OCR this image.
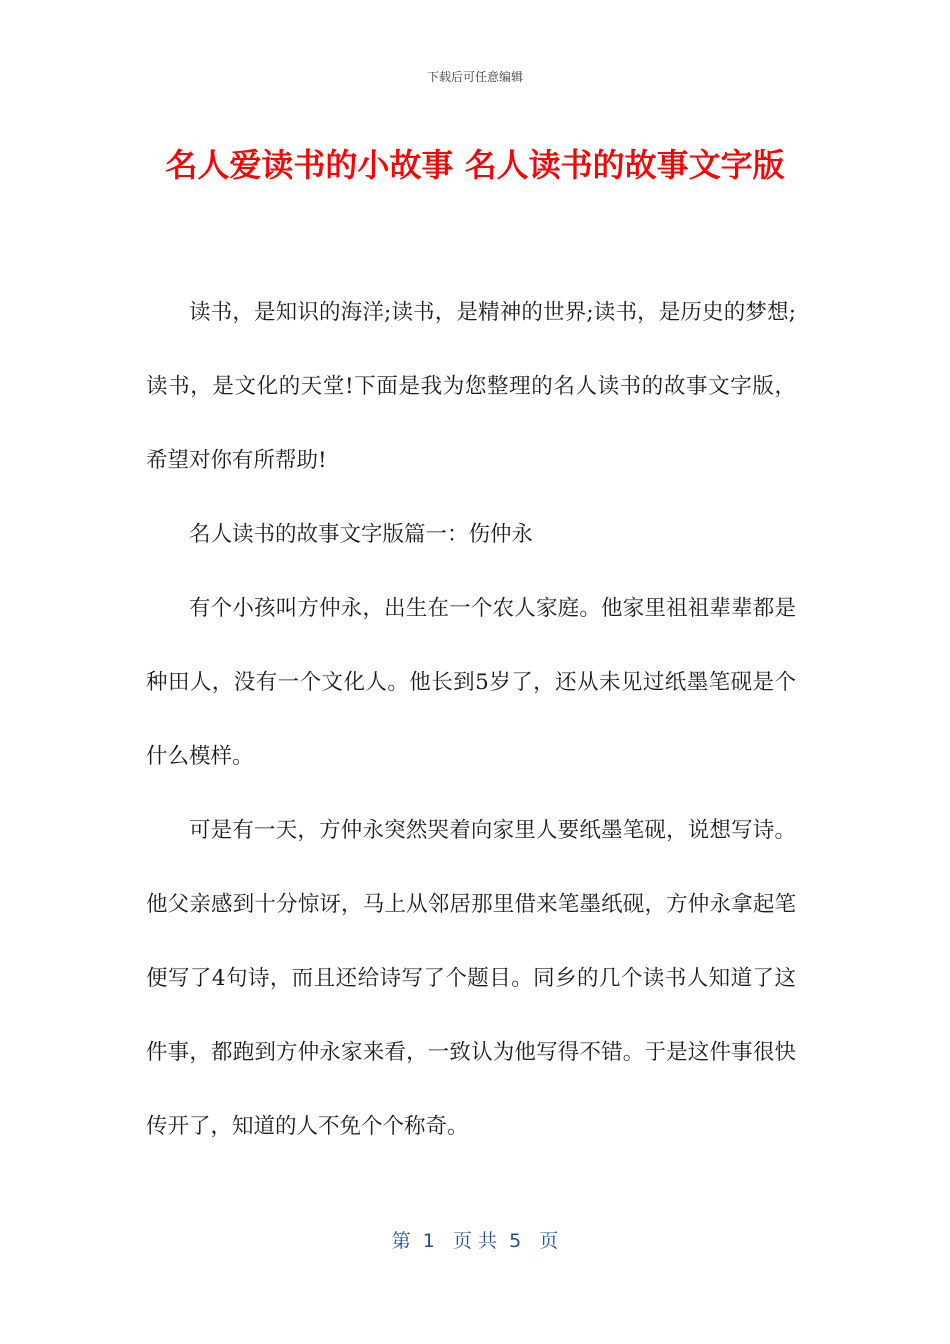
下载后可任意编辑
名人爱读书的小故事 名人读书的故事文字版

读书，是知识的海洋;读书，是精神的世界;读书，是历史的梦想;读书，是文化的天堂!下面是我为您整理的名人读书的故事文字版，希望对你有所帮助!

名人读书的故事文字版篇一：伤仲永

有个小孩叫方仲永，出生在一个农人家庭。他家里祖祖辈辈都是种田人，没有一个文化人。他长到5岁了，还从未见过纸墨笔砚是个什么模样。

可是有一天，方仲永突然哭着向家里人要纸墨笔砚，说想写诗。他父亲感到十分惊讶，马上从邻居那里借来笔墨纸砚，方仲永拿起笔便写了4句诗，而且还给诗写了个题目。同乡的几个读书人知道了这件事，都跑到方仲永家来看，一致认为他写得不错。于是这件事很快传开了，知道的人不免个个称奇。

第  1   页 共  5   页
